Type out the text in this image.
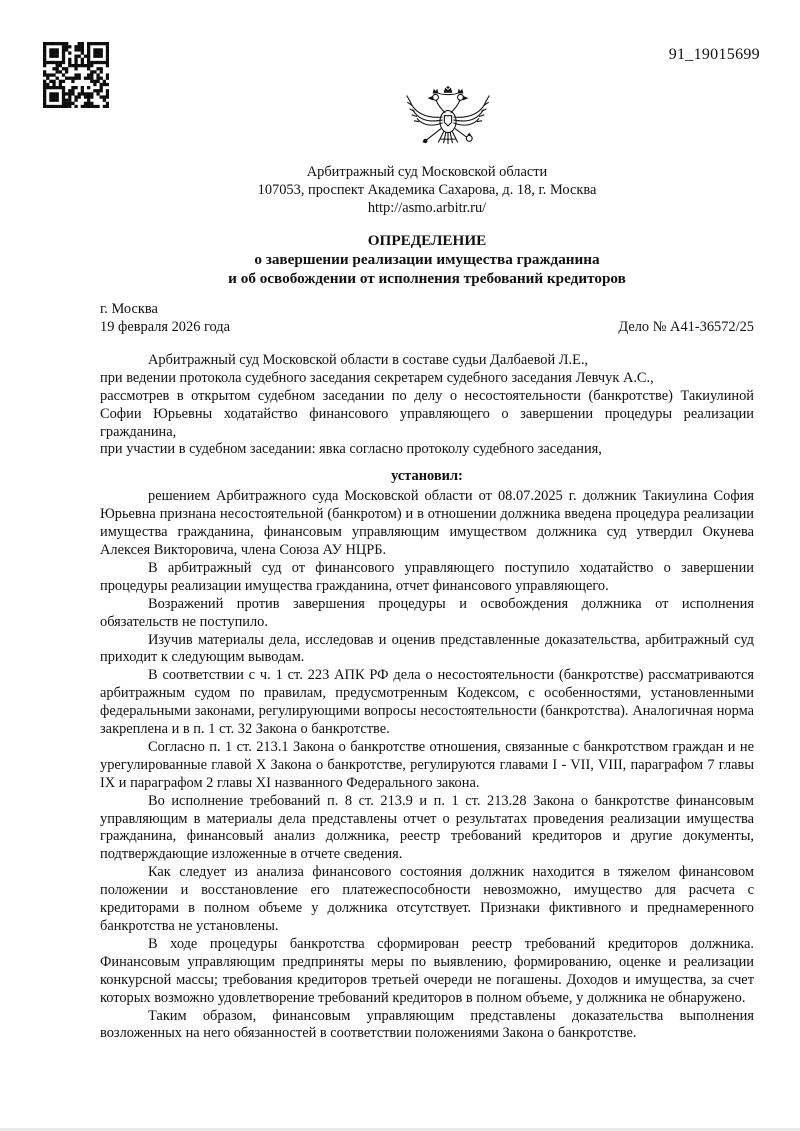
91_19015699
Арбитражный суд Московской области
107053, проспект Академика Сахарова, д. 18, г. Москва
http://asmo.arbitr.ru/
ОПРЕДЕЛЕНИЕ
о завершении реализации имущества гражданина
и об освобождении от исполнения требований кредиторов
г. Москва
19 февраля 2026 года	Дело № А41-36572/25

Арбитражный суд Московской области в составе судьи Далбаевой Л.Е.,

при ведении протокола судебного заседания секретарем судебного заседания Левчук А.С.,

рассмотрев в открытом судебном заседании по делу о несостоятельности (банкротстве) Такиулиной Софии Юрьевны ходатайство финансового управляющего о завершении процедуры реализации гражданина,

при участии в судебном заседании: явка согласно протоколу судебного заседания,

установил:

решением Арбитражного суда Московской области от 08.07.2025 г. должник Такиулина София Юрьевна признана несостоятельной (банкротом) и в отношении должника введена процедура реализации имущества гражданина, финансовым управляющим имуществом должника суд утвердил Окунева Алексея Викторовича, члена Союза АУ НЦРБ.

В арбитражный суд от финансового управляющего поступило ходатайство о завершении процедуры реализации имущества гражданина, отчет финансового управляющего.

Возражений против завершения процедуры и освобождения должника от исполнения обязательств не поступило.

Изучив материалы дела, исследовав и оценив представленные доказательства, арбитражный суд приходит к следующим выводам.

В соответствии с ч. 1 ст. 223 АПК РФ дела о несостоятельности (банкротстве) рассматриваются арбитражным судом по правилам, предусмотренным Кодексом, с особенностями, установленными федеральными законами, регулирующими вопросы несостоятельности (банкротства). Аналогичная норма закреплена и в п. 1 ст. 32 Закона о банкротстве.

Согласно п. 1 ст. 213.1 Закона о банкротстве отношения, связанные с банкротством граждан и не урегулированные главой X Закона о банкротстве, регулируются главами I - VII, VIII, параграфом 7 главы IX и параграфом 2 главы XI названного Федерального закона.

Во исполнение требований п. 8 ст. 213.9 и п. 1 ст. 213.28 Закона о банкротстве финансовым управляющим в материалы дела представлены отчет о результатах проведения реализации имущества гражданина, финансовый анализ должника, реестр требований кредиторов и другие документы, подтверждающие изложенные в отчете сведения.

Как следует из анализа финансового состояния должник находится в тяжелом финансовом положении и восстановление его платежеспособности невозможно, имущество для расчета с кредиторами в полном объеме у должника отсутствует. Признаки фиктивного и преднамеренного банкротства не установлены.

В ходе процедуры банкротства сформирован реестр требований кредиторов должника. Финансовым управляющим предприняты меры по выявлению, формированию, оценке и реализации конкурсной массы; требования кредиторов третьей очереди не погашены. Доходов и имущества, за счет которых возможно удовлетворение требований кредиторов в полном объеме, у должника не обнаружено.

Таким образом, финансовым управляющим представлены доказательства выполнения возложенных на него обязанностей в соответствии положениями Закона о банкротстве.
